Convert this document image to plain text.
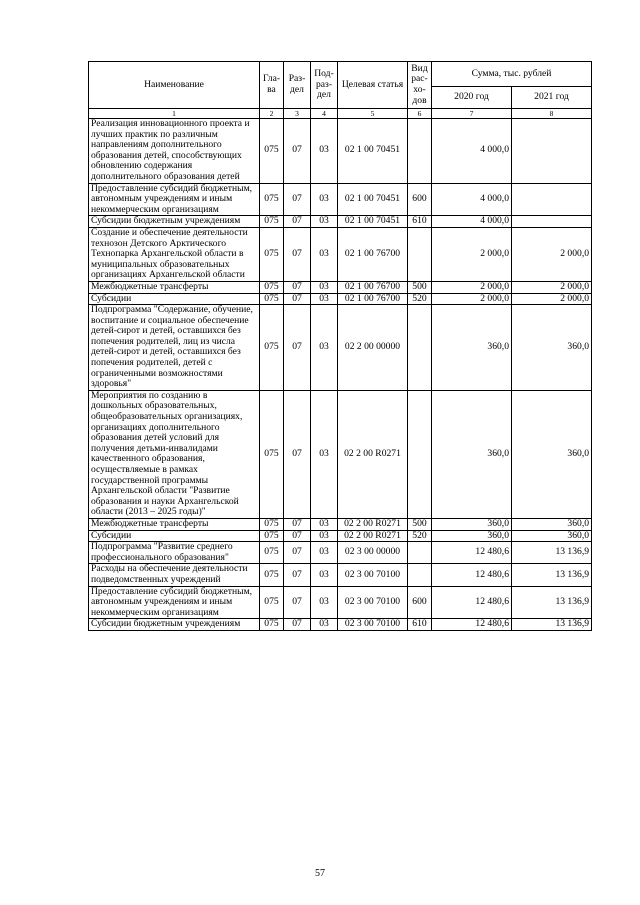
Наименование	Гла-ва	Раз-дел	Под-раз-дел	Целевая статья	Вид рас-хо-дов	Сумма, тыс. рублей	
						2020 год	2021 год
1	2	3	4	5	6	7	8
Реализация инновационного проекта и лучших практик по различным направлениям дополнительного образования детей, способствующих обновлению содержания дополнительного образования детей	075	07	03	02 1 00 70451		4 000,0	
Предоставление субсидий бюджетным, автономным учреждениям и иным некоммерческим организациям	075	07	03	02 1 00 70451	600	4 000,0	
Субсидии бюджетным учреждениям	075	07	03	02 1 00 70451	610	4 000,0	
Создание и обеспечение деятельности технозон Детского Арктического Технопарка Архангельской области в муниципальных образовательных организациях Архангельской области	075	07	03	02 1 00 76700		2 000,0	2 000,0
Межбюджетные трансферты	075	07	03	02 1 00 76700	500	2 000,0	2 000,0
Субсидии	075	07	03	02 1 00 76700	520	2 000,0	2 000,0
Подпрограмма "Содержание, обучение, воспитание и социальное обеспечение детей-сирот и детей, оставшихся без попечения родителей, лиц из числа детей-сирот и детей, оставшихся без попечения родителей, детей с ограниченными возможностями здоровья"	075	07	03	02 2 00 00000		360,0	360,0
Мероприятия по созданию в дошкольных образовательных, общеобразовательных организациях, организациях дополнительного образования детей условий для получения детьми-инвалидами качественного образования, осуществляемые в рамках государственной программы Архангельской области "Развитие образования и науки Архангельской области (2013 – 2025 годы)"	075	07	03	02 2 00 R0271		360,0	360,0
Межбюджетные трансферты	075	07	03	02 2 00 R0271	500	360,0	360,0
Субсидии	075	07	03	02 2 00 R0271	520	360,0	360,0
Подпрограмма "Развитие среднего профессионального образования"	075	07	03	02 3 00 00000		12 480,6	13 136,9
Расходы на обеспечение деятельности подведомственных учреждений	075	07	03	02 3 00 70100		12 480,6	13 136,9
Предоставление субсидий бюджетным, автономным учреждениям и иным некоммерческим организациям	075	07	03	02 3 00 70100	600	12 480,6	13 136,9
Субсидии бюджетным учреждениям	075	07	03	02 3 00 70100	610	12 480,6	13 136,9
57
